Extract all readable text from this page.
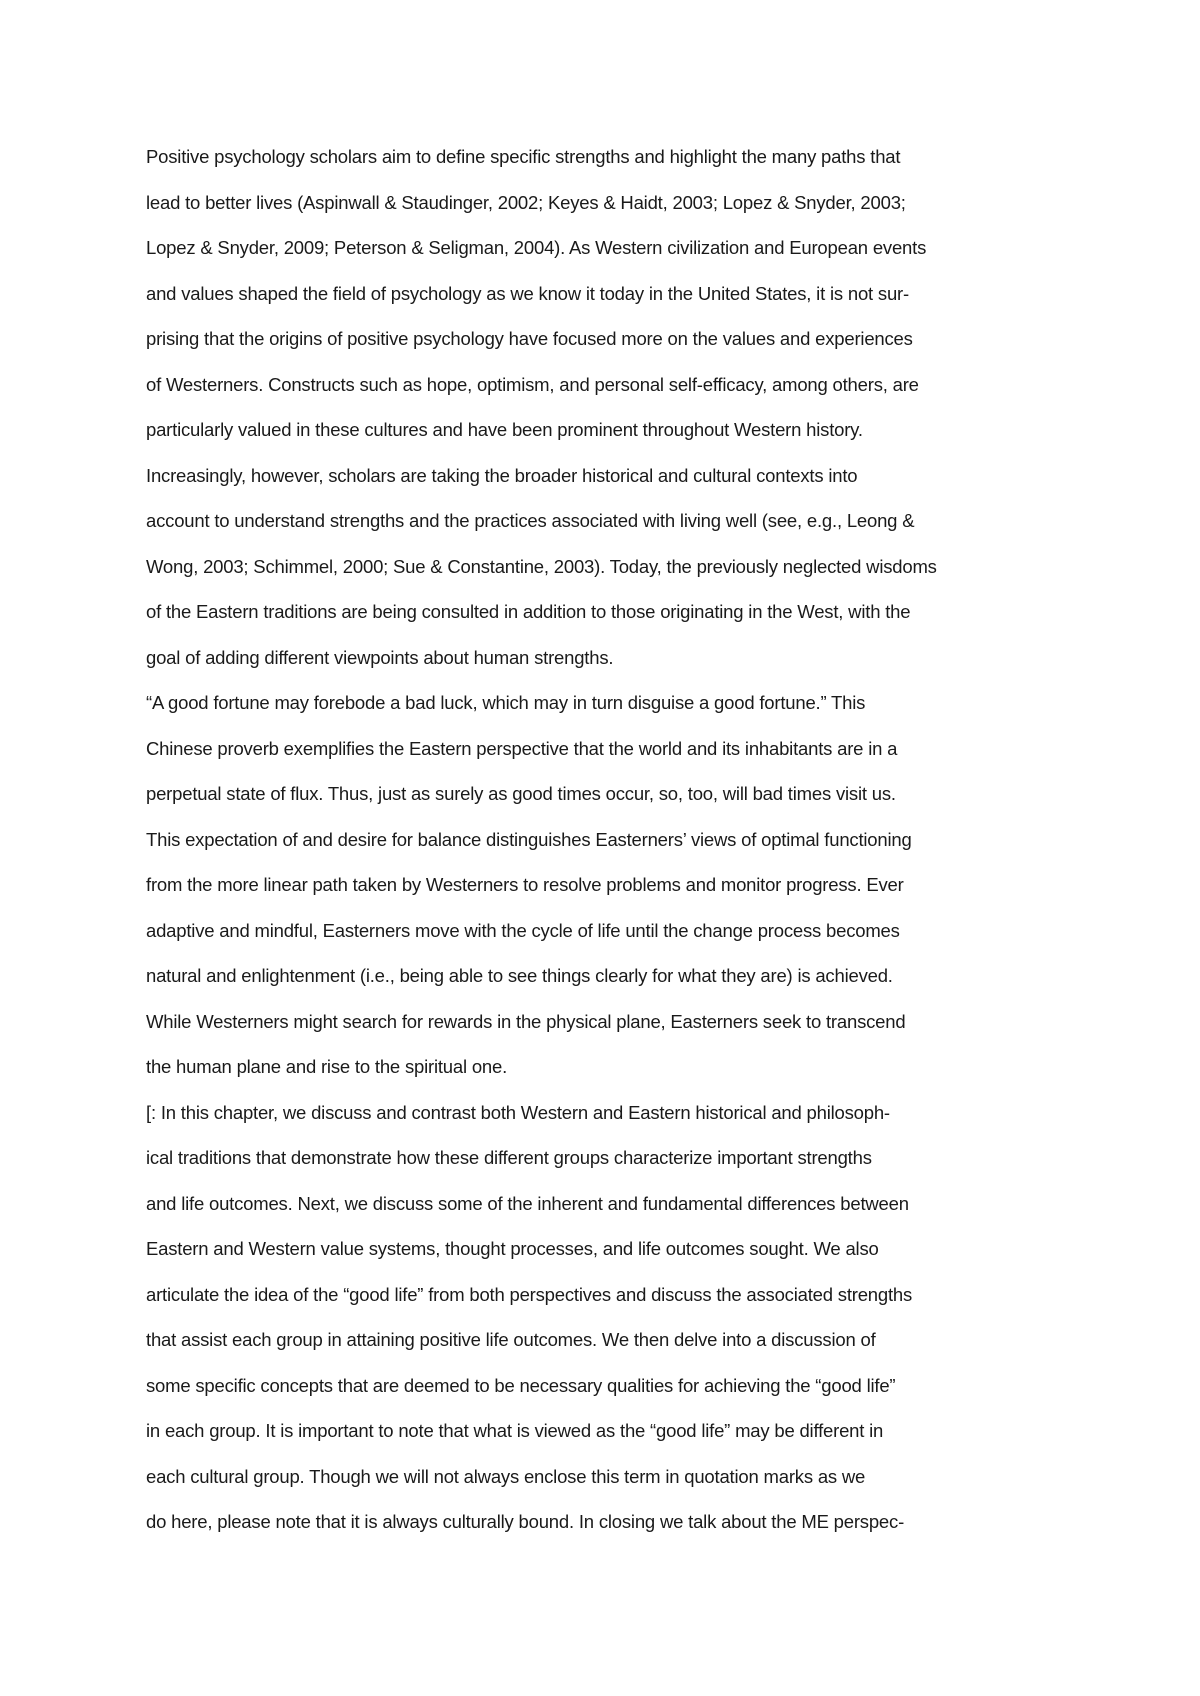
Positive psychology scholars aim to define specific strengths and highlight the many paths that
lead to better lives (Aspinwall & Staudinger, 2002; Keyes & Haidt, 2003; Lopez & Snyder, 2003;
Lopez & Snyder, 2009; Peterson & Seligman, 2004). As Western civilization and European events
and values shaped the field of psychology as we know it today in the United States, it is not sur-
prising that the origins of positive psychology have focused more on the values and experiences
of Westerners. Constructs such as hope, optimism, and personal self-efficacy, among others, are
particularly valued in these cultures and have been prominent throughout Western history.
Increasingly, however, scholars are taking the broader historical and cultural contexts into
account to understand strengths and the practices associated with living well (see, e.g., Leong &
Wong, 2003; Schimmel, 2000; Sue & Constantine, 2003). Today, the previously neglected wisdoms
of the Eastern traditions are being consulted in addition to those originating in the West, with the
goal of adding different viewpoints about human strengths.
“A good fortune may forebode a bad luck, which may in turn disguise a good fortune.” This
Chinese proverb exemplifies the Eastern perspective that the world and its inhabitants are in a
perpetual state of flux. Thus, just as surely as good times occur, so, too, will bad times visit us.
This expectation of and desire for balance distinguishes Easterners’ views of optimal functioning
from the more linear path taken by Westerners to resolve problems and monitor progress. Ever
adaptive and mindful, Easterners move with the cycle of life until the change process becomes
natural and enlightenment (i.e., being able to see things clearly for what they are) is achieved.
While Westerners might search for rewards in the physical plane, Easterners seek to transcend
the human plane and rise to the spiritual one.
[: In this chapter, we discuss and contrast both Western and Eastern historical and philosoph-
ical traditions that demonstrate how these different groups characterize important strengths
and life outcomes. Next, we discuss some of the inherent and fundamental differences between
Eastern and Western value systems, thought processes, and life outcomes sought. We also
articulate the idea of the “good life” from both perspectives and discuss the associated strengths
that assist each group in attaining positive life outcomes. We then delve into a discussion of
some specific concepts that are deemed to be necessary qualities for achieving the “good life”
in each group. It is important to note that what is viewed as the “good life” may be different in
each cultural group. Though we will not always enclose this term in quotation marks as we
do here, please note that it is always culturally bound. In closing we talk about the ME perspec-
